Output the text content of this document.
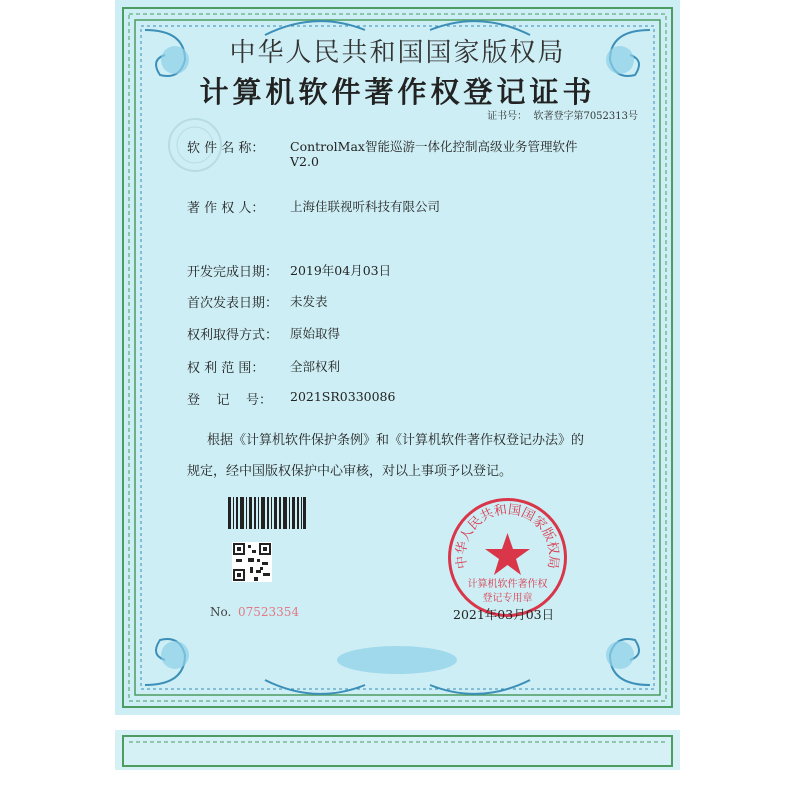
中华人民共和国国家版权局
计算机软件著作权登记证书
证书号： 软著登字第7052313号
软 件 名 称： ControlMax智能巡游一体化控制高级业务管理软件
V2.0
著 作 权 人： 上海佳联视听科技有限公司
开发完成日期： 2019年04月03日
首次发表日期： 未发表
权利取得方式： 原始取得
权 利 范 围： 全部权利
登    记    号： 2021SR0330086
根据《计算机软件保护条例》和《计算机软件著作权登记办法》的
规定，经中国版权保护中心审核，对以上事项予以登记。
No. 07523354
中华人民共和国国家版权局
计算机软件著作权
登记专用章
2021年03月03日
